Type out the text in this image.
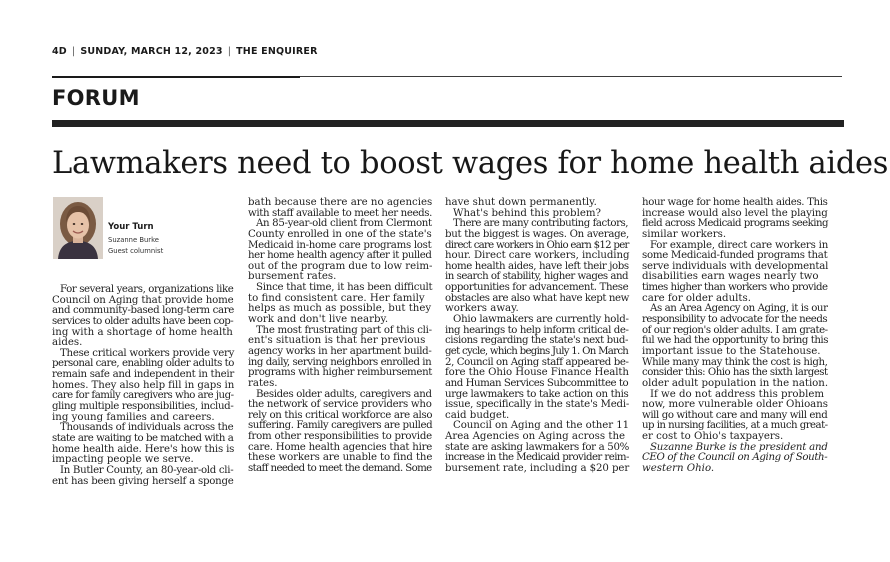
4D | SUNDAY, MARCH 12, 2023 | THE ENQUIRER
FORUM
Lawmakers need to boost wages for home health aides
Your Turn
Suzanne Burke
Guest columnist
For several years, organizations like
Council on Aging that provide home
and community-based long-term care
services to older adults have been cop-
ing with a shortage of home health
aides.
These critical workers provide very
personal care, enabling older adults to
remain safe and independent in their
homes. They also help fill in gaps in
care for family caregivers who are jug-
gling multiple responsibilities, includ-
ing young families and careers.
Thousands of individuals across the
state are waiting to be matched with a
home health aide. Here's how this is
impacting people we serve.
In Butler County, an 80-year-old cli-
ent has been giving herself a sponge
bath because there are no agencies
with staff available to meet her needs.
An 85-year-old client from Clermont
County enrolled in one of the state's
Medicaid in-home care programs lost
her home health agency after it pulled
out of the program due to low reim-
bursement rates.
Since that time, it has been difficult
to find consistent care. Her family
helps as much as possible, but they
work and don't live nearby.
The most frustrating part of this cli-
ent's situation is that her previous
agency works in her apartment build-
ing daily, serving neighbors enrolled in
programs with higher reimbursement
rates.
Besides older adults, caregivers and
the network of service providers who
rely on this critical workforce are also
suffering. Family caregivers are pulled
from other responsibilities to provide
care. Home health agencies that hire
these workers are unable to find the
staff needed to meet the demand. Some
have shut down permanently.
What's behind this problem?
There are many contributing factors,
but the biggest is wages. On average,
direct care workers in Ohio earn $12 per
hour. Direct care workers, including
home health aides, have left their jobs
in search of stability, higher wages and
opportunities for advancement. These
obstacles are also what have kept new
workers away.
Ohio lawmakers are currently hold-
ing hearings to help inform critical de-
cisions regarding the state's next bud-
get cycle, which begins July 1. On March
2, Council on Aging staff appeared be-
fore the Ohio House Finance Health
and Human Services Subcommittee to
urge lawmakers to take action on this
issue, specifically in the state's Medi-
caid budget.
Council on Aging and the other 11
Area Agencies on Aging across the
state are asking lawmakers for a 50%
increase in the Medicaid provider reim-
bursement rate, including a $20 per
hour wage for home health aides. This
increase would also level the playing
field across Medicaid programs seeking
similar workers.
For example, direct care workers in
some Medicaid-funded programs that
serve individuals with developmental
disabilities earn wages nearly two
times higher than workers who provide
care for older adults.
As an Area Agency on Aging, it is our
responsibility to advocate for the needs
of our region's older adults. I am grate-
ful we had the opportunity to bring this
important issue to the Statehouse.
While many may think the cost is high,
consider this: Ohio has the sixth largest
older adult population in the nation.
If we do not address this problem
now, more vulnerable older Ohioans
will go without care and many will end
up in nursing facilities, at a much great-
er cost to Ohio's taxpayers.
Suzanne Burke is the president and
CEO of the Council on Aging of South-
western Ohio.
